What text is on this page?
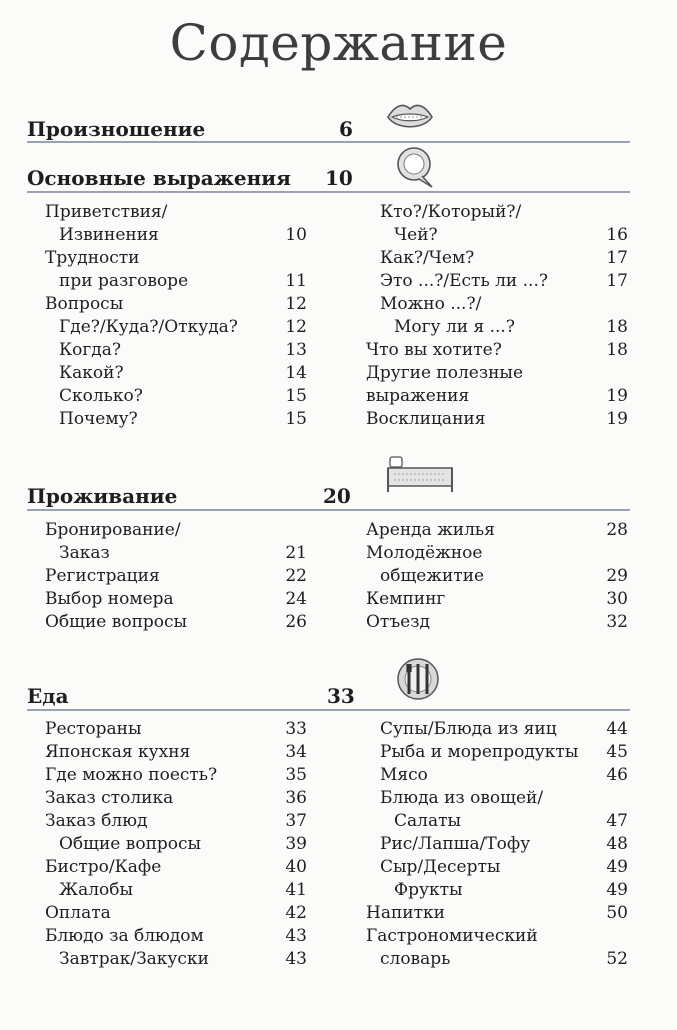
Содержание
Произношение	6
Основные выражения 10
Приветствия/
Извинения	10
Трудности
при разговоре	11
Вопросы	12
Где?/Куда?/Откуда?	12
Когда?	13
Какой?	14
Сколько?	15
Почему?	15
Кто?/Который?/
Чей?	16
Как?/Чем?	17
Это ...?/Есть ли ...?	17
Можно ...?/
Могу ли я ...?	18
Что вы хотите?	18
Другие полезные
выражения	19
Восклицания	19
Проживание	20
Бронирование/
Заказ	21
Регистрация	22
Выбор номера	24
Общие вопросы	26
Аренда жилья	28
Молодёжное
общежитие	29
Кемпинг	30
Отъезд	32
Еда	33
Рестораны	33
Японская кухня	34
Где можно поесть?	35
Заказ столика	36
Заказ блюд	37
Общие вопросы	39
Бистро/Кафе	40
Жалобы	41
Оплата	42
Блюдо за блюдом	43
Завтрак/Закуски	43
Супы/Блюда из яиц	44
Рыба и морепродукты 45
Мясо	46
Блюда из овощей/
Салаты	47
Рис/Лапша/Тофу	48
Сыр/Десерты	49
Фрукты	49
Напитки	50
Гастрономический
словарь	52
